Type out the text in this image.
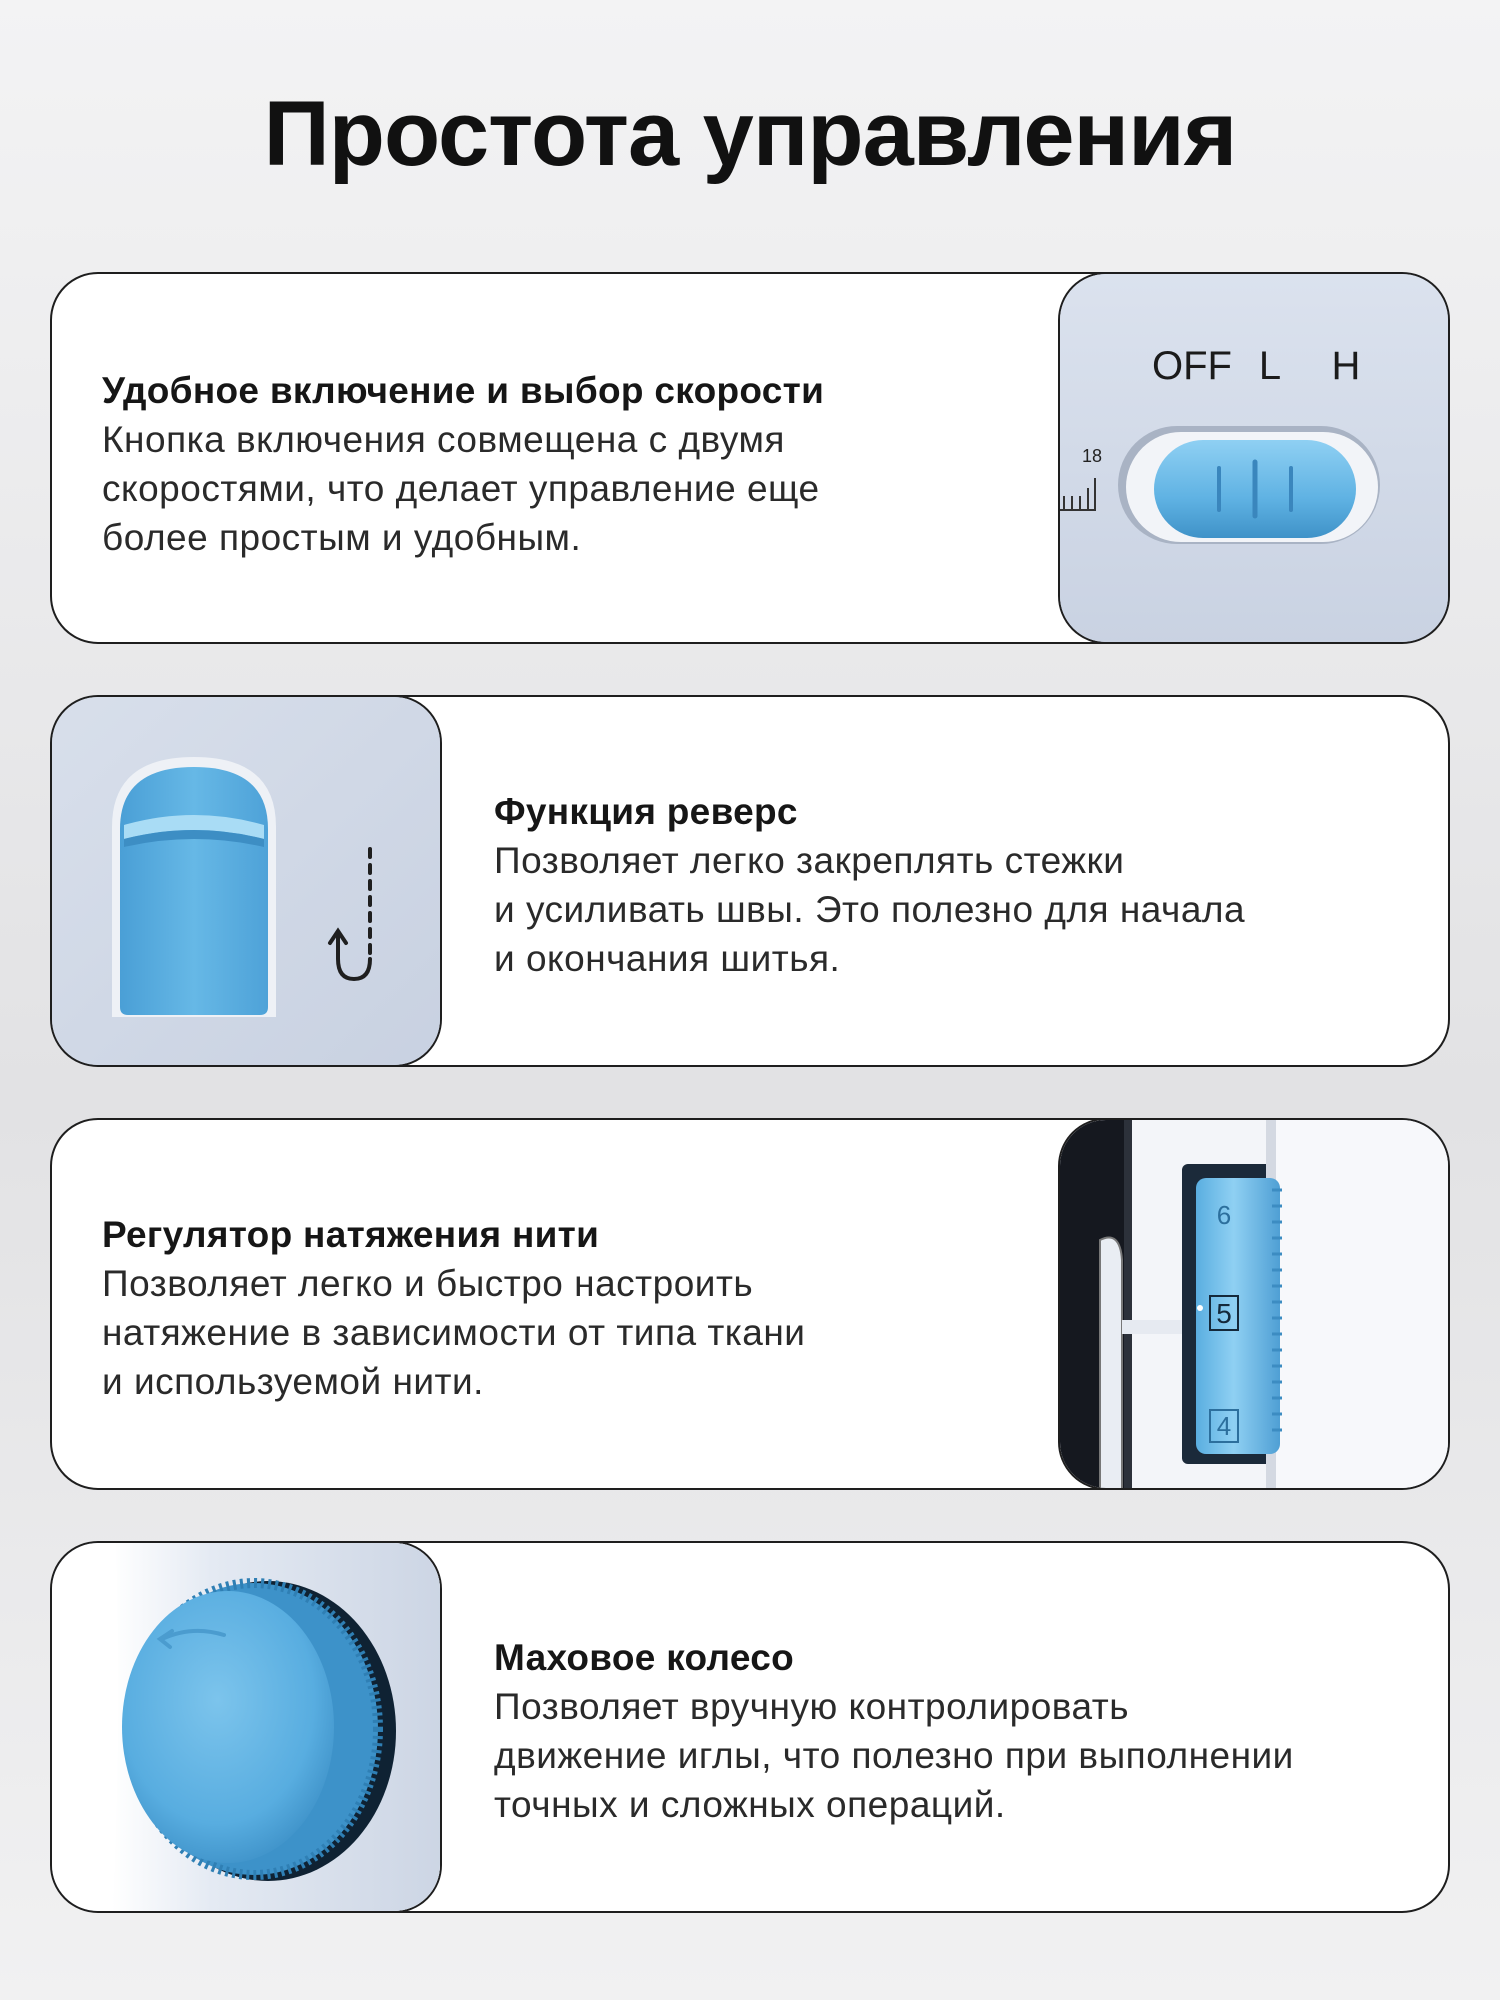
Простота управления
Удобное включение и выбор скорости
Кнопка включения совмещена с двумя
скоростями, что делает управление еще
более простым и удобным.
OFF L H
18
Функция реверс
Позволяет легко закреплять стежки
и усиливать швы. Это полезно для начала
и окончания шитья.
Регулятор натяжения нити
Позволяет легко и быстро настроить
натяжение в зависимости от типа ткани
и используемой нити.
6
5
4
Маховое колесо
Позволяет вручную контролировать
движение иглы, что полезно при выполнении
точных и сложных операций.
